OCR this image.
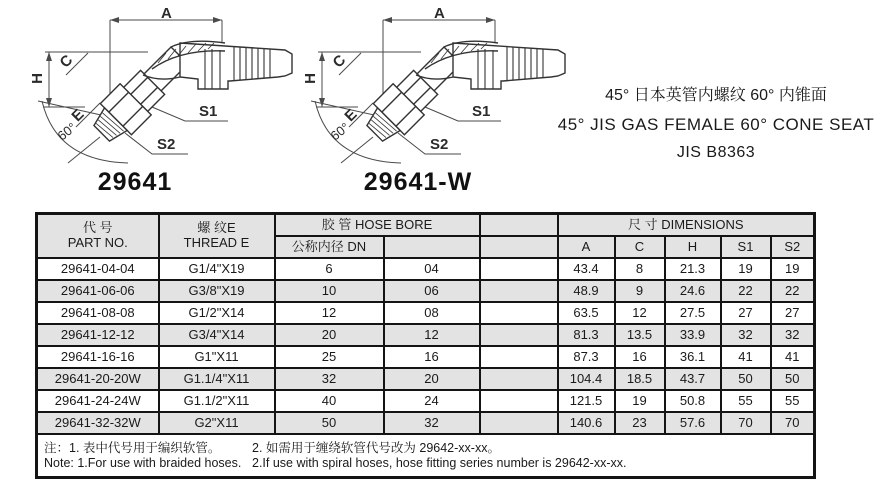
A
H
C
E	S1
S2
60°
29641
A
H
C
E	S1
S2
60°
29641-W
45° 日本英管内螺纹 60° 内锥面
45° JIS GAS FEMALE 60° CONE SEAT
JIS B8363
代 号
PART NO.	螺 纹E
THREAD E	胶 管 HOSE BORE			尺 寸 DIMENSIONS				
		公称内径 DN			A	C	H	S1	S2
29641-04-04	G1/4"X19	6	04		43.4	8	21.3	19	19
29641-06-06	G3/8"X19	10	06		48.9	9	24.6	22	22
29641-08-08	G1/2"X14	12	08		63.5	12	27.5	27	27
29641-12-12	G3/4"X14	20	12		81.3	13.5	33.9	32	32
29641-16-16	G1"X11	25	16		87.3	16	36.1	41	41
29641-20-20W	G1.1/4"X11	32	20		104.4	18.5	43.7	50	50
29641-24-24W	G1.1/2"X11	40	24		121.5	19	50.8	55	55
29641-32-32W	G2"X11	50	32		140.6	23	57.6	70	70

注：1. 表中代号用于编织软管。 2. 如需用于缠绕软管代号改为 29642-xx-xx。
Note: 1.For use with braided hoses. 2.If use with spiral hoses, hose fitting series number is 29642-xx-xx.									
